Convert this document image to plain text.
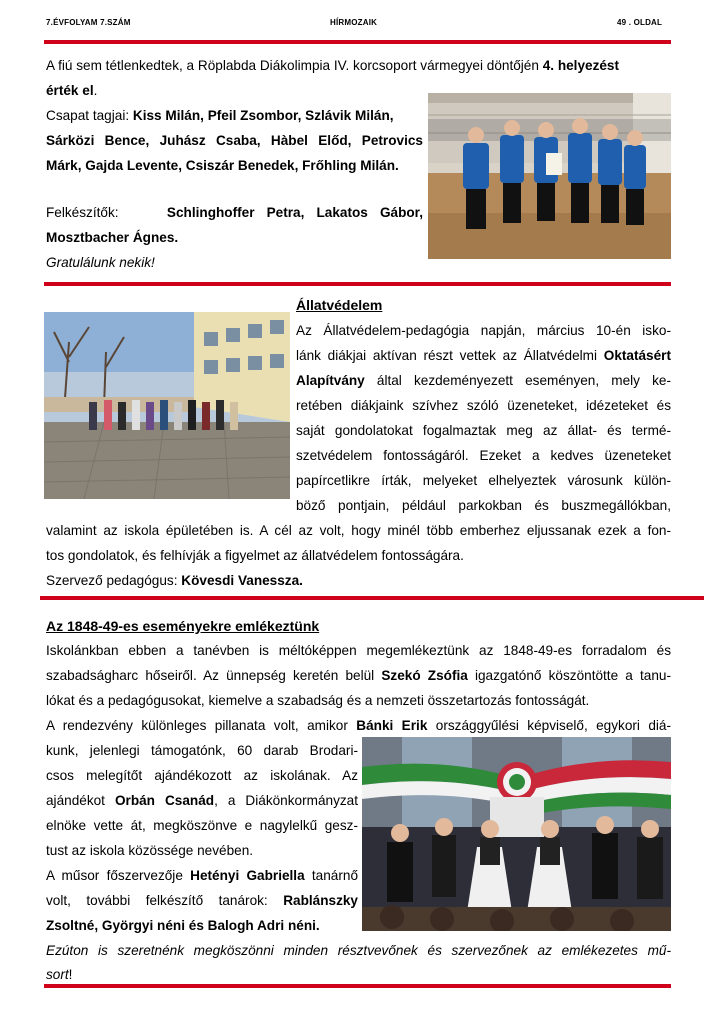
7.ÉVFOLYAM 7.SZÁM	HÍRMOZAIK	49 . OLDAL
A fiú sem tétlenkedtek, a Röplabda Diákolimpia IV. korcsoport vármegyei döntőjén 4. helyezést
érték el.
Csapat tagjai: Kiss Milán, Pfeil Zsombor, Szlávik Milán,
Sárközi Bence, Juhász Csaba, Hàbel Előd, Petrovics
Márk, Gajda Levente, Csiszár Benedek, Frőhling Milán.
Felkészítők:	Schlinghoffer Petra, Lakatos Gábor,
Mosztbacher Ágnes.
Gratulálunk nekik!
Állatvédelem
Az Állatvédelem-pedagógia napján, március 10-én isko-
lánk diákjai aktívan részt vettek az Állatvédelmi Oktatásért
Alapítvány által kezdeményezett eseményen, mely ke-
retében diákjaink szívhez szóló üzeneteket, idézeteket és
saját gondolatokat fogalmaztak meg az állat- és termé-
szetvédelem fontosságáról. Ezeket a kedves üzeneteket
papírcetlikre írták, melyeket elhelyeztek városunk külön-
böző pontjain, például parkokban és buszmegállókban,
valamint az iskola épületében is. A cél az volt, hogy minél több emberhez eljussanak ezek a fon-
tos gondolatok, és felhívják a figyelmet az állatvédelem fontosságára.
Szervező pedagógus: Kövesdi Vanessza.
Az 1848-49-es eseményekre emlékeztünk
Iskolánkban ebben a tanévben is méltóképpen megemlékeztünk az 1848-49-es forradalom és
szabadságharc hőseiről. Az ünnepség keretén belül Szekó Zsófia igazgatónő köszöntötte a tanu-
lókat és a pedagógusokat, kiemelve a szabadság és a nemzeti összetartozás fontosságát.
A rendezvény különleges pillanata volt, amikor Bánki Erik országgyűlési képviselő, egykori diá-
kunk, jelenlegi támogatónk, 60 darab Brodari-
csos melegítőt ajándékozott az iskolának. Az
ajándékot Orbán Csanád, a Diákönkormányzat
elnöke vette át, megköszönve e nagylelkű gesz-
tust az iskola közössége nevében.
A műsor főszervezője Hetényi Gabriella tanárnő
volt, további felkészítő tanárok: Rablánszky
Zsoltné, Györgyi néni és Balogh Adri néni.
Ezúton is szeretnénk megköszönni minden résztvevőnek és szervezőnek az emlékezetes mű-
sort!
